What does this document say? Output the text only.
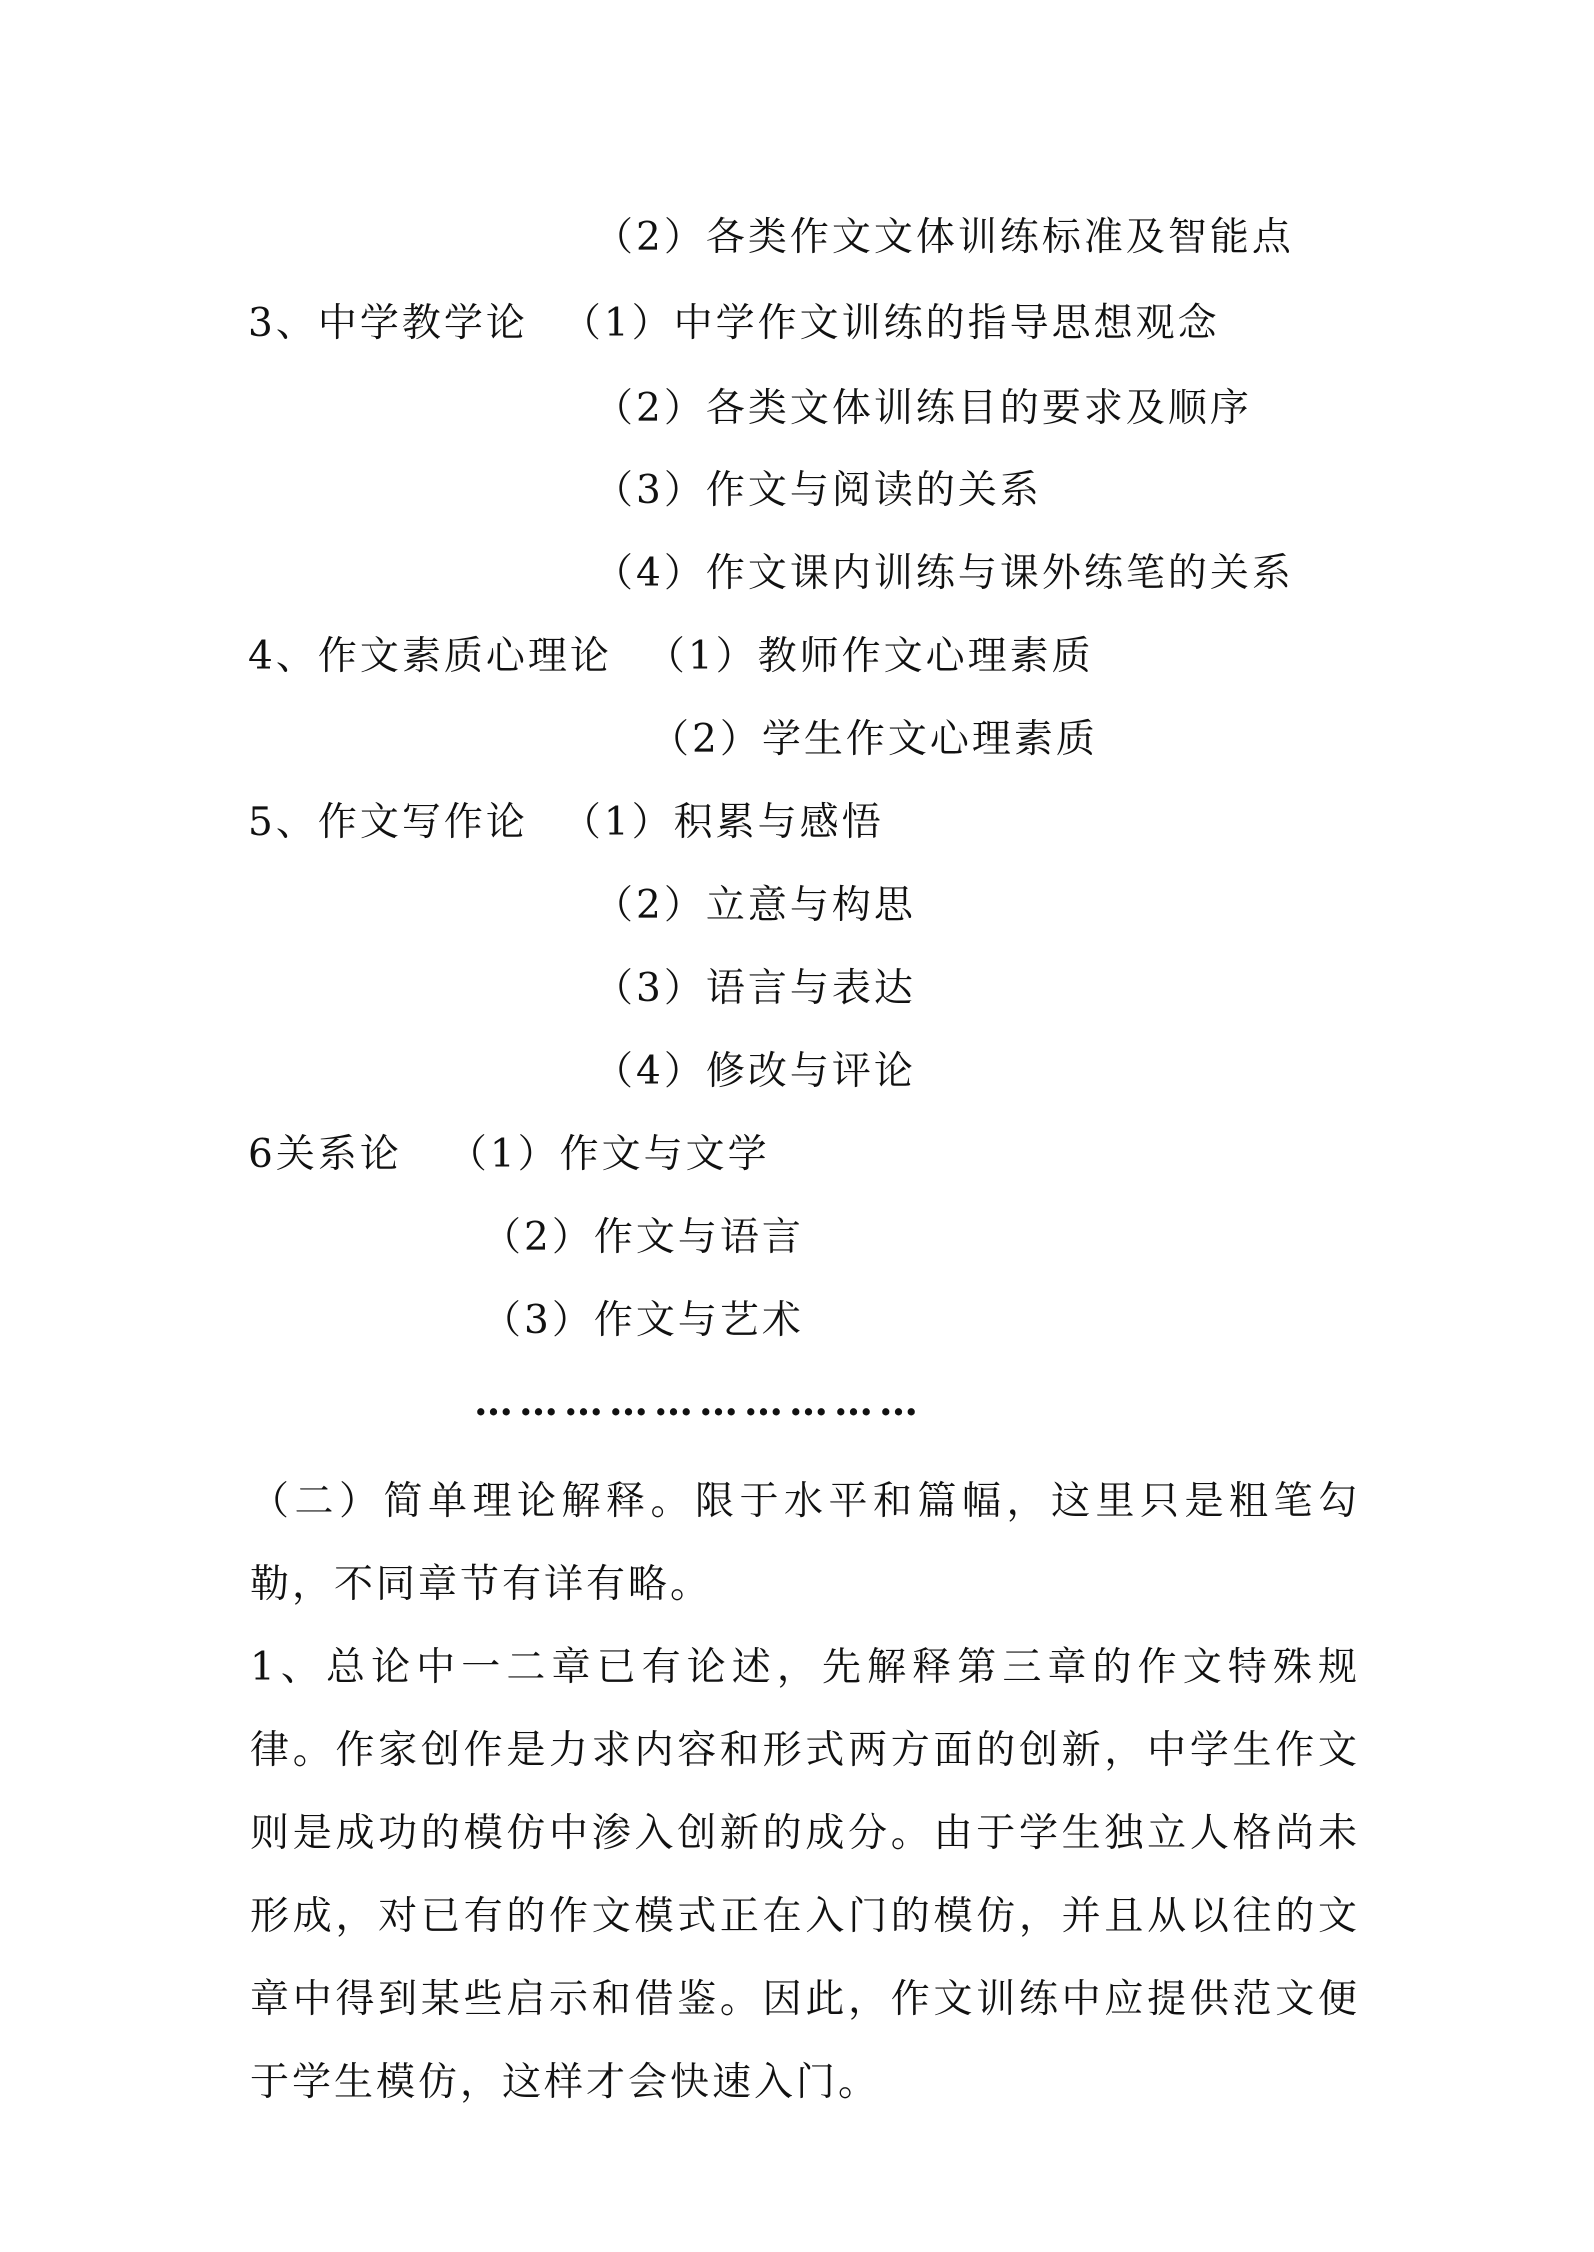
（2）各类作文文体训练标准及智能点
3、中学教学论 （1）中学作文训练的指导思想观念
（2）各类文体训练目的要求及顺序
（3）作文与阅读的关系
（4）作文课内训练与课外练笔的关系
4、作文素质心理论 （1）教师作文心理素质
（2）学生作文心理素质
5、作文写作论 （1）积累与感悟
（2）立意与构思
（3）语言与表达
（4）修改与评论
6关系论 （1）作文与文学
（2）作文与语言
（3）作文与艺术
…………………………
（二）简单理论解释。限于水平和篇幅，这里只是粗笔勾勒，不同章节有详有略。
1、总论中一二章已有论述，先解释第三章的作文特殊规律。作家创作是力求内容和形式两方面的创新，中学生作文则是成功的模仿中渗入创新的成分。由于学生独立人格尚未形成，对已有的作文模式正在入门的模仿，并且从以往的文章中得到某些启示和借鉴。因此，作文训练中应提供范文便于学生模仿，这样才会快速入门。
